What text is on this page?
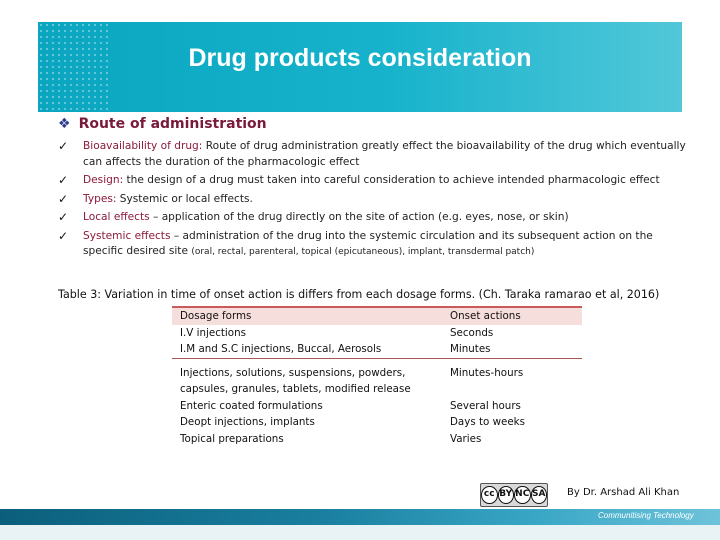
Drug products consideration
❖ Route of administration
✓ Bioavailability of drug: Route of drug administration greatly effect the bioavailability of the drug which eventually can affects the duration of the pharmacologic effect
✓ Design: the design of a drug must taken into careful consideration to achieve intended pharmacologic effect
✓ Types: Systemic or local effects.
✓ Local effects – application of the drug directly on the site of action (e.g. eyes, nose, or skin)
✓ Systemic effects – administration of the drug into the systemic circulation and its subsequent action on the specific desired site (oral, rectal, parenteral, topical (epicutaneous), implant, transdermal patch)
Table 3: Variation in time of onset action is differs from each dosage forms. (Ch. Taraka ramarao et al, 2016)
Dosage forms	Onset actions
I.V injections	Seconds
I.M and S.C injections, Buccal, Aerosols	Minutes
Injections, solutions, suspensions, powders, capsules, granules, tablets, modified release	Minutes-hours
Enteric coated formulations	Several hours
Deopt injections, implants	Days to weeks
Topical preparations	Varies
cc BY NC SA By Dr. Arshad Ali Khan
Communitising Technology
